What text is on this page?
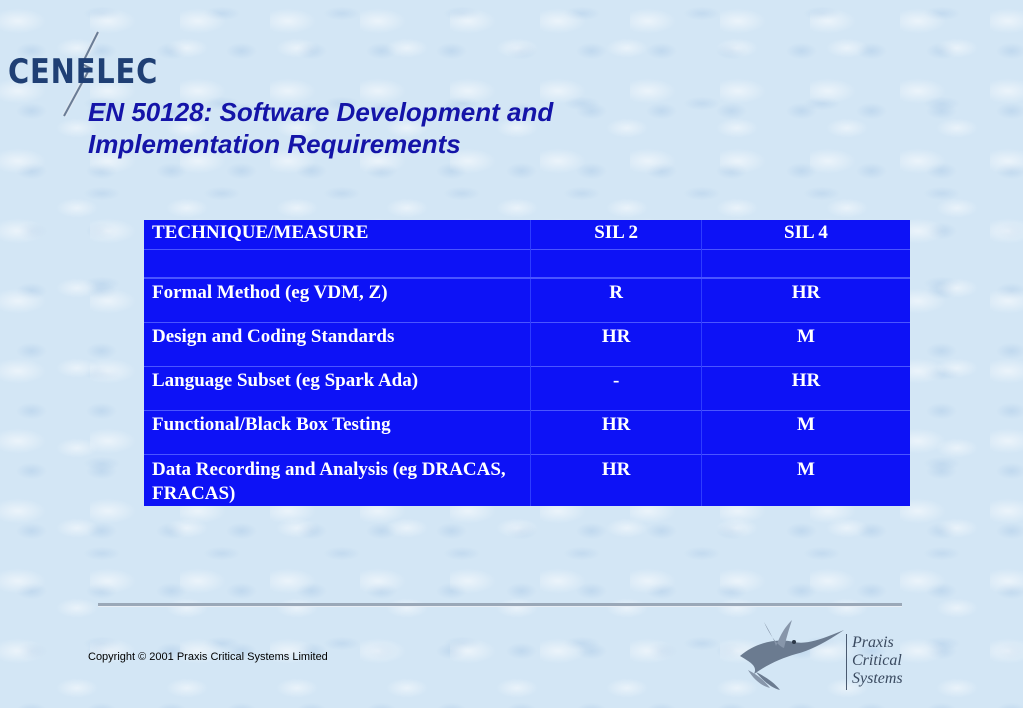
CENELEC
EN 50128: Software Development and
Implementation Requirements
TECHNIQUE/MEASURE	SIL 2	SIL 4

Formal Method (eg VDM, Z)	R	HR

Design and Coding Standards	HR	M

Language Subset (eg Spark Ada)	-	HR

Functional/Black Box Testing	HR	M

Data Recording and Analysis (eg DRACAS, FRACAS)	HR	M
Copyright © 2001 Praxis Critical Systems Limited
Praxis
Critical
Systems
